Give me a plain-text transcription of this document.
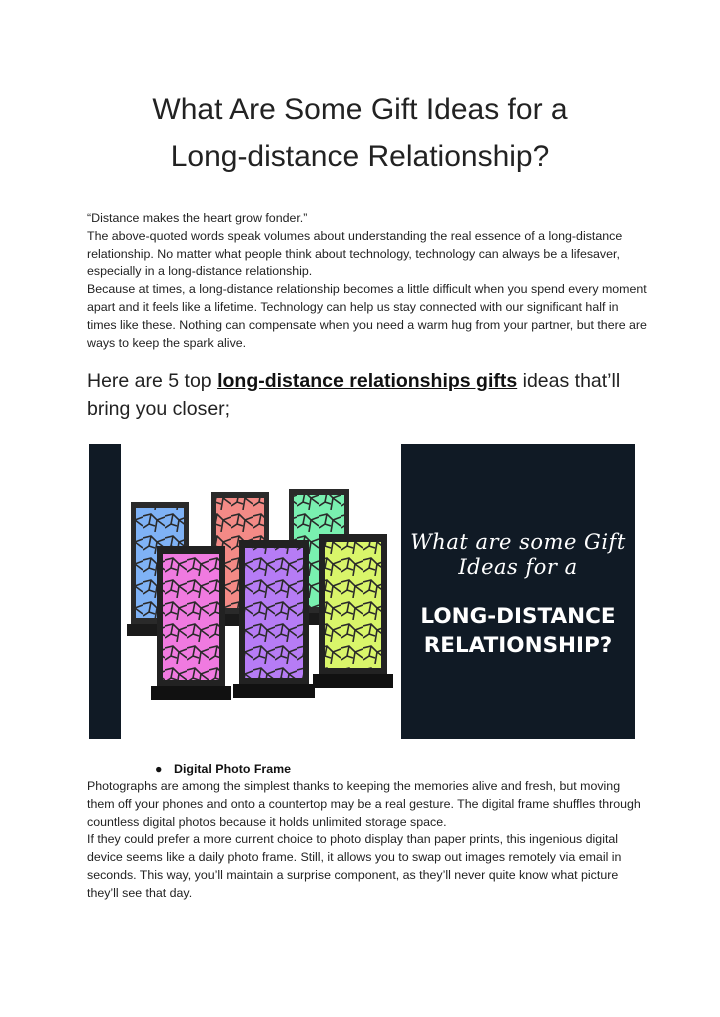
What Are Some Gift Ideas for a
Long-distance Relationship?

“Distance makes the heart grow fonder.”

The above-quoted words speak volumes about understanding the real essence of a long-distance relationship. No matter what people think about technology, technology can always be a lifesaver, especially in a long-distance relationship.

Because at times, a long-distance relationship becomes a little difficult when you spend every moment apart and it feels like a lifetime. Technology can help us stay connected with our significant half in times like these. Nothing can compensate when you need a warm hug from your partner, but there are ways to keep the spark alive.

Here are 5 top long-distance relationships gifts ideas that’ll bring you closer;
What are some Gift
Ideas for a
LONG-DISTANCE
RELATIONSHIP?
● Digital Photo Frame

Photographs are among the simplest thanks to keeping the memories alive and fresh, but moving them off your phones and onto a countertop may be a real gesture. The digital frame shuffles through countless digital photos because it holds unlimited storage space.

If they could prefer a more current choice to photo display than paper prints, this ingenious digital device seems like a daily photo frame. Still, it allows you to swap out images remotely via email in seconds. This way, you’ll maintain a surprise component, as they’ll never quite know what picture they’ll see that day.
